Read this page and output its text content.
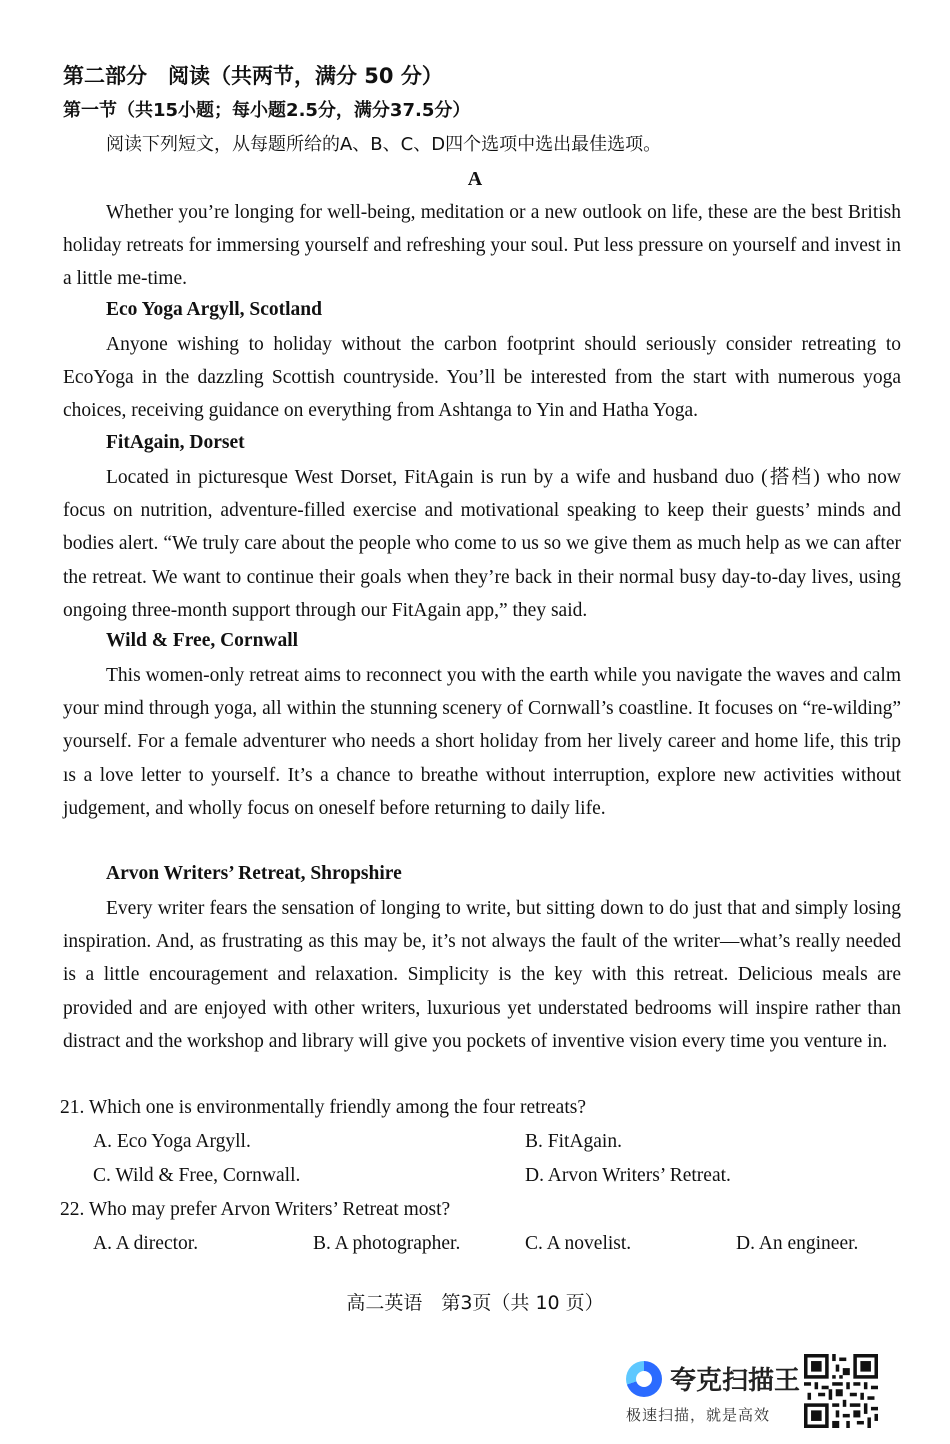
第二部分　阅读（共两节，满分 50 分）
第一节（共15小题；每小题2.5分，满分37.5分）
阅读下列短文，从每题所给的A、B、C、D四个选项中选出最佳选项。
A
Whether you’re longing for well-being, meditation or a new outlook on life, these are the best British holiday retreats for immersing yourself and refreshing your soul. Put less pressure on yourself and invest in a little me-time.
Eco Yoga Argyll, Scotland
Anyone wishing to holiday without the carbon footprint should seriously consider retreating to EcoYoga in the dazzling Scottish countryside. You’ll be interested from the start with numerous yoga choices, receiving guidance on everything from Ashtanga to Yin and Hatha Yoga.
FitAgain, Dorset
Located in picturesque West Dorset, FitAgain is run by a wife and husband duo (搭档) who now focus on nutrition, adventure-filled exercise and motivational speaking to keep their guests’ minds and bodies alert. “We truly care about the people who come to us so we give them as much help as we can after the retreat. We want to continue their goals when they’re back in their normal busy day-to-day lives, using ongoing three-month support through our FitAgain app,” they said.
Wild & Free, Cornwall
This women-only retreat aims to reconnect you with the earth while you navigate the waves and calm your mind through yoga, all within the stunning scenery of Cornwall’s coastline. It focuses on “re-wilding” yourself. For a female adventurer who needs a short holiday from her lively career and home life, this trip ıs a love letter to yourself. It’s a chance to breathe without interruption, explore new activities without judgement, and wholly focus on oneself before returning to daily life.
Arvon Writers’ Retreat, Shropshire
Every writer fears the sensation of longing to write, but sitting down to do just that and simply losing inspiration. And, as frustrating as this may be, it’s not always the fault of the writer—what’s really needed is a little encouragement and relaxation. Simplicity is the key with this retreat. Delicious meals are provided and are enjoyed with other writers, luxurious yet understated bedrooms will inspire rather than distract and the workshop and library will give you pockets of inventive vision every time you venture in.
21. Which one is environmentally friendly among the four retreats?
A. Eco Yoga Argyll.	B. FitAgain.
C. Wild & Free, Cornwall.	D. Arvon Writers’ Retreat.
22. Who may prefer Arvon Writers’ Retreat most?
A. A director.	B. A photographer.	C. A novelist.	D. An engineer.
高二英语　第3页（共 10 页）
夸克扫描王
极速扫描，就是高效
